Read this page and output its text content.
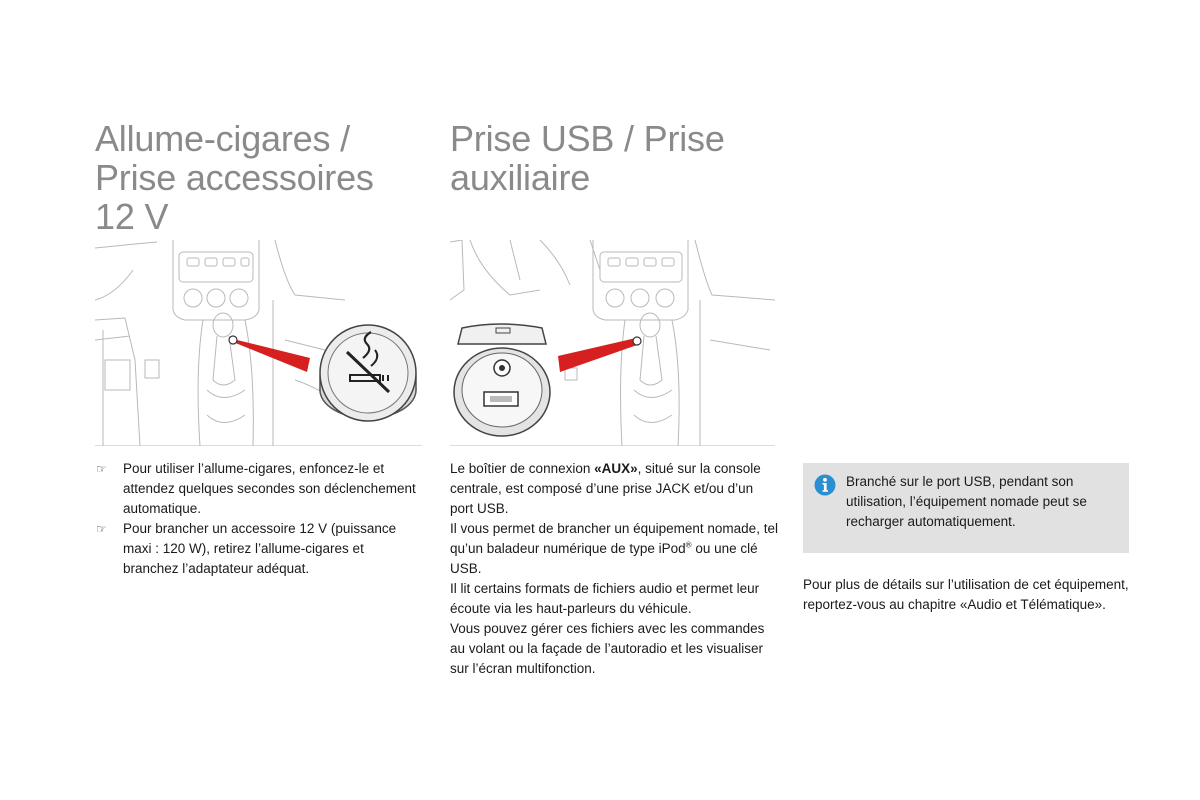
Allume-cigares /
Prise accessoires
12 V
☞ Pour utiliser l’allume-cigares, enfoncez-le et attendez quelques secondes son déclenchement automatique.
☞ Pour brancher un accessoire 12 V (puissance maxi : 120 W), retirez l’allume-cigares et branchez l’adaptateur adéquat.
Prise USB / Prise
auxiliaire

Le boîtier de connexion «AUX», situé sur la console centrale, est composé d’une prise JACK et/ou d’un port USB.

Il vous permet de brancher un équipement nomade, tel qu’un baladeur numérique de type iPod® ou une clé USB.

Il lit certains formats de fichiers audio et permet leur écoute via les haut-parleurs du véhicule.

Vous pouvez gérer ces fichiers avec les commandes au volant ou la façade de l’autoradio et les visualiser sur l’écran multifonction.

Branché sur le port USB, pendant son utilisation, l’équipement nomade peut se recharger automatiquement.
Pour plus de détails sur l’utilisation de cet équipement, reportez-vous au chapitre «Audio et Télématique».
